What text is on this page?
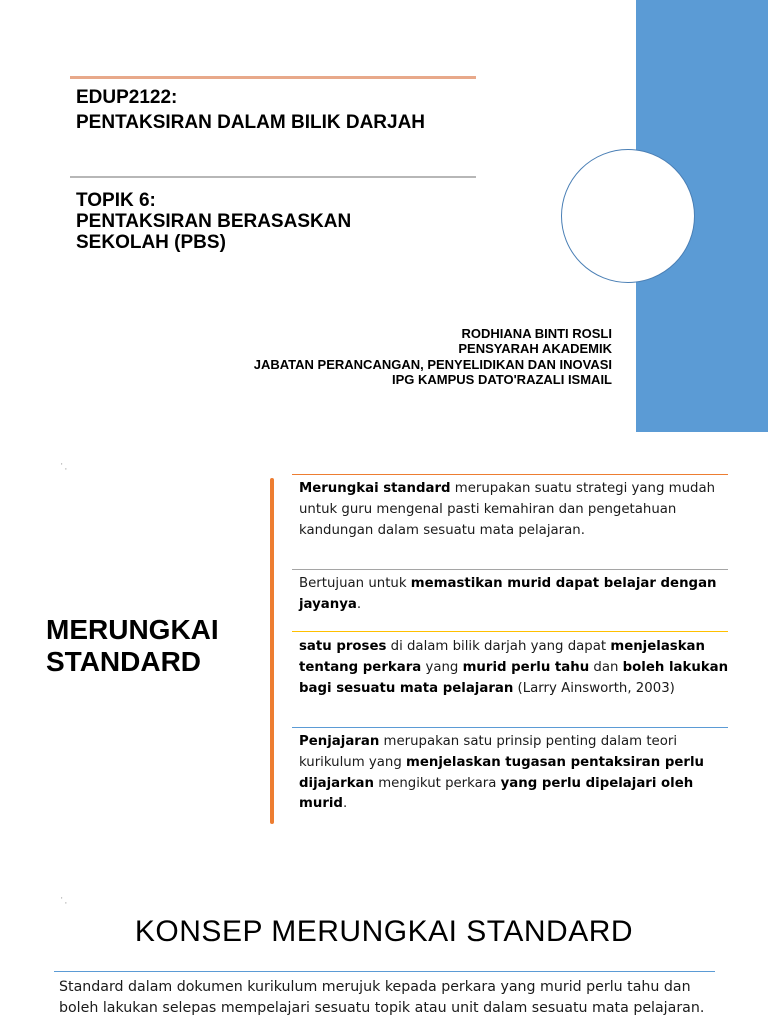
EDUP2122:
PENTAKSIRAN DALAM BILIK DARJAH
TOPIK 6:
PENTAKSIRAN BERASASKAN
SEKOLAH (PBS)
RODHIANA BINTI ROSLI
PENSYARAH AKADEMIK
JABATAN PERANCANGAN, PENYELIDIKAN DAN INOVASI
IPG KAMPUS DATO'RAZALI ISMAIL
' ,
MERUNGKAI
STANDARD
Merungkai standard merupakan suatu strategi yang mudah untuk guru mengenal pasti kemahiran dan pengetahuan kandungan dalam sesuatu mata pelajaran.
Bertujuan untuk memastikan murid dapat belajar dengan jayanya.
satu proses di dalam bilik darjah yang dapat menjelaskan tentang perkara yang murid perlu tahu dan boleh lakukan bagi sesuatu mata pelajaran (Larry Ainsworth, 2003)
Penjajaran merupakan satu prinsip penting dalam teori kurikulum yang menjelaskan tugasan pentaksiran perlu dijajarkan mengikut perkara yang perlu dipelajari oleh murid.
' ,
KONSEP MERUNGKAI STANDARD
Standard dalam dokumen kurikulum merujuk kepada perkara yang murid perlu tahu dan boleh lakukan selepas mempelajari sesuatu topik atau unit dalam sesuatu mata pelajaran.
